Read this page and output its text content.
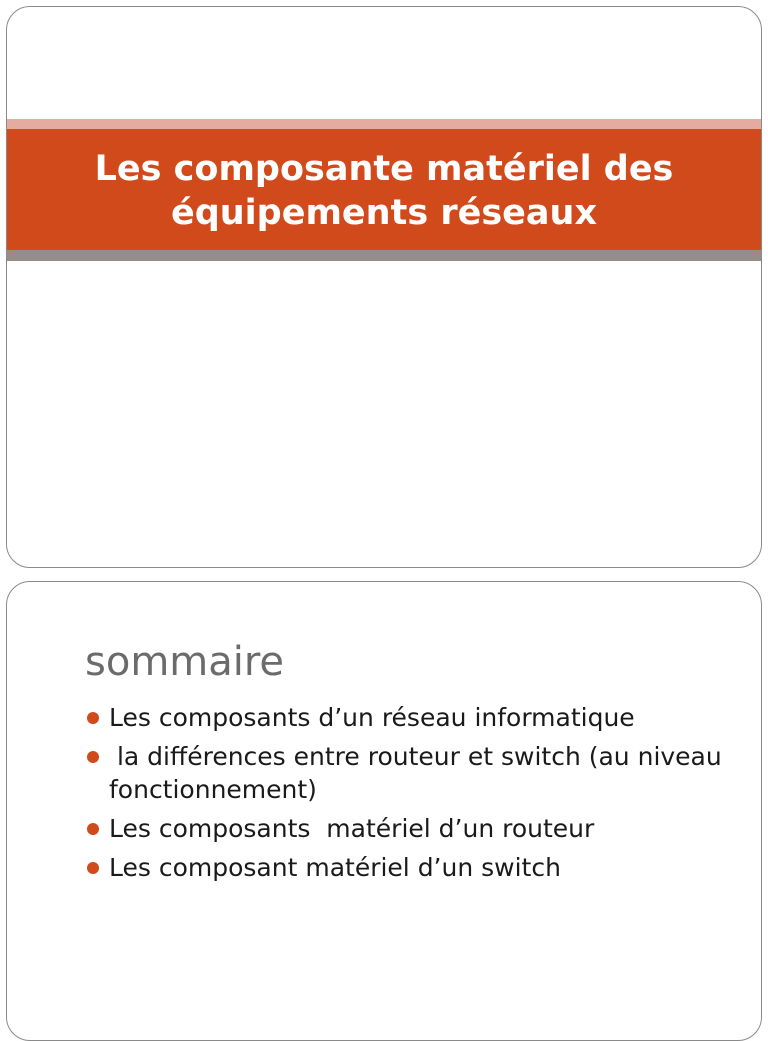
Les composante matériel des équipements réseaux
sommaire
Les composants d’un réseau informatique
la différences entre routeur et switch (au niveau fonctionnement)
Les composants  matériel d’un routeur
Les composant matériel d’un switch
